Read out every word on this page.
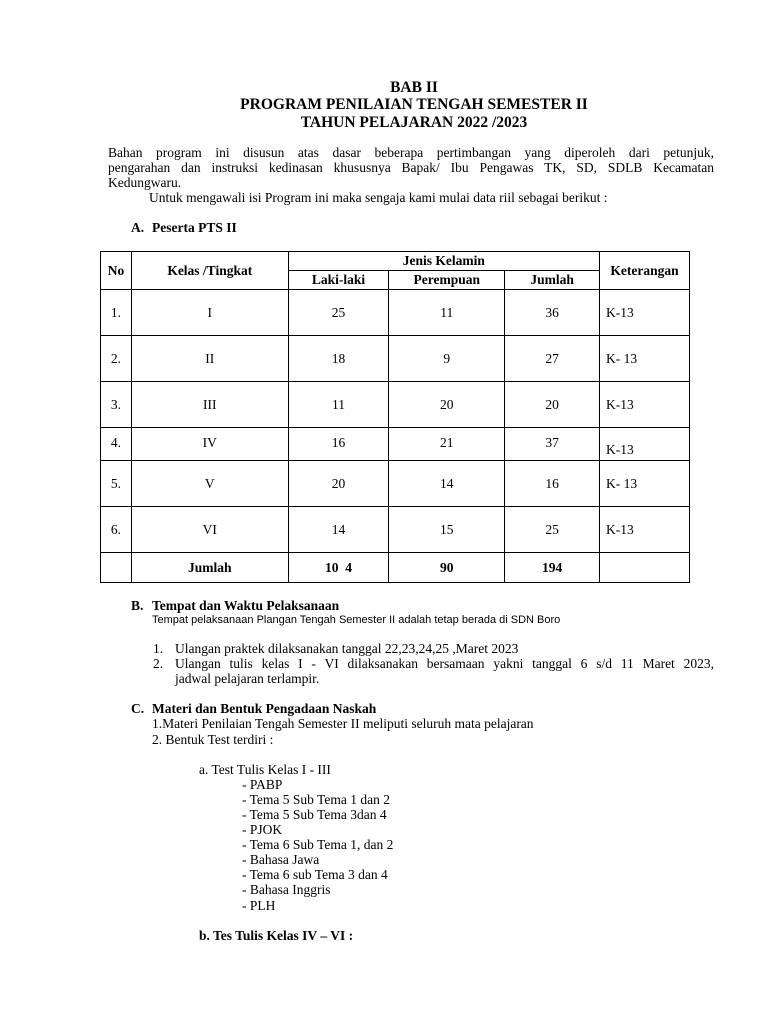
BAB II
PROGRAM PENILAIAN TENGAH SEMESTER II
TAHUN PELAJARAN 2022 /2023
Bahan program ini disusun atas dasar beberapa pertimbangan yang diperoleh dari petunjuk,
pengarahan dan instruksi kedinasan khususnya Bapak/ Ibu Pengawas TK, SD, SDLB Kecamatan
Kedungwaru.
Untuk mengawali isi Program ini maka sengaja kami mulai data riil sebagai berikut :
A. Peserta PTS II
No	Kelas /Tingkat	Jenis Kelamin			Keterangan
		Laki-laki	Perempuan	Jumlah	
1.	I	25	11	36	K-13
2.	II	18	9	27	K- 13
3.	III	11	20	20	K-13
4.	IV	16	21	37	K-13
5.	V	20	14	16	K- 13
6.	VI	14	15	25	K-13
	Jumlah	10  4	90	194	
B. Tempat dan Waktu Pelaksanaan
Tempat pelaksanaan Plangan Tengah Semester II adalah tetap berada di SDN Boro
1. Ulangan praktek dilaksanakan tanggal 22,23,24,25 ,Maret 2023
2. Ulangan tulis kelas I - VI dilaksanakan bersamaan yakni tanggal 6 s/d 11 Maret 2023,
jadwal pelajaran terlampir.
C. Materi dan Bentuk Pengadaan Naskah
1.Materi Penilaian Tengah Semester II meliputi seluruh mata pelajaran
2. Bentuk Test terdiri :
a. Test Tulis Kelas I - III
- PABP
- Tema 5 Sub Tema 1 dan 2
- Tema 5 Sub Tema 3dan 4
- PJOK
- Tema 6 Sub Tema 1, dan 2
- Bahasa Jawa
- Tema 6 sub Tema 3 dan 4
- Bahasa Inggris
- PLH
b. Tes Tulis Kelas IV – VI :
